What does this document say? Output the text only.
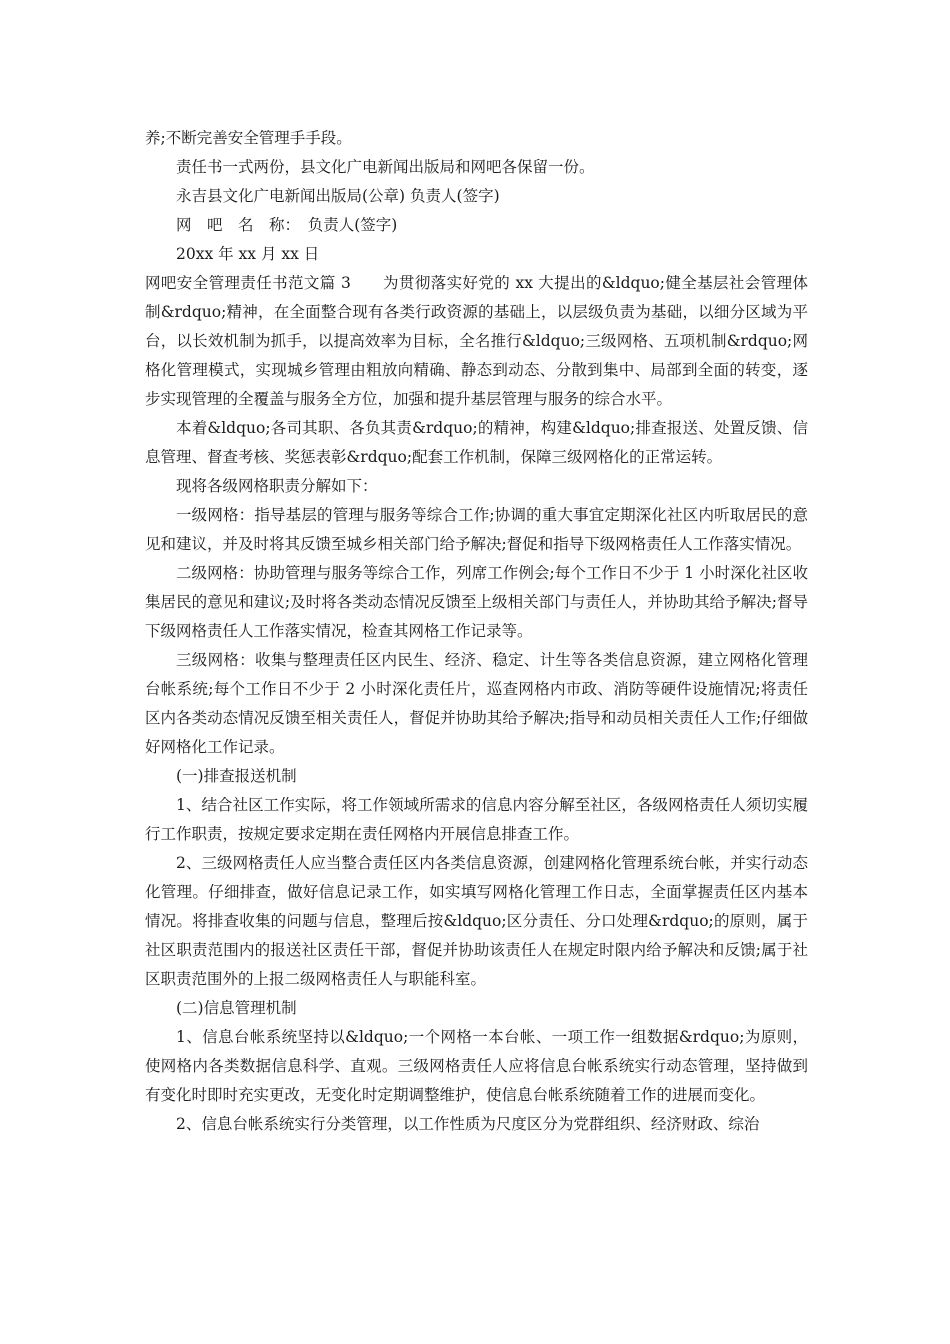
养;不断完善安全管理手手段。

责任书一式两份，县文化广电新闻出版局和网吧各保留一份。

永吉县文化广电新闻出版局(公章) 负责人(签字)

网　吧　名　称：　负责人(签字)

20xx 年 xx 月 xx 日

网吧安全管理责任书范文篇 3　　为贯彻落实好党的 xx 大提出的&ldquo;健全基层社会管理体制&rdquo;精神，在全面整合现有各类行政资源的基础上，以层级负责为基础，以细分区域为平台，以长效机制为抓手，以提高效率为目标，全名推行&ldquo;三级网格、五项机制&rdquo;网格化管理模式，实现城乡管理由粗放向精确、静态到动态、分散到集中、局部到全面的转变，逐步实现管理的全覆盖与服务全方位，加强和提升基层管理与服务的综合水平。

本着&ldquo;各司其职、各负其责&rdquo;的精神，构建&ldquo;排查报送、处置反馈、信息管理、督查考核、奖惩表彰&rdquo;配套工作机制，保障三级网格化的正常运转。

现将各级网格职责分解如下：

一级网格：指导基层的管理与服务等综合工作;协调的重大事宜定期深化社区内听取居民的意见和建议，并及时将其反馈至城乡相关部门给予解决;督促和指导下级网格责任人工作落实情况。

二级网格：协助管理与服务等综合工作，列席工作例会;每个工作日不少于 1 小时深化社区收集居民的意见和建议;及时将各类动态情况反馈至上级相关部门与责任人，并协助其给予解决;督导下级网格责任人工作落实情况，检查其网格工作记录等。

三级网格：收集与整理责任区内民生、经济、稳定、计生等各类信息资源，建立网格化管理台帐系统;每个工作日不少于 2 小时深化责任片，巡查网格内市政、消防等硬件设施情况;将责任区内各类动态情况反馈至相关责任人，督促并协助其给予解决;指导和动员相关责任人工作;仔细做好网格化工作记录。

(一)排查报送机制

1、结合社区工作实际，将工作领域所需求的信息内容分解至社区，各级网格责任人须切实履行工作职责，按规定要求定期在责任网格内开展信息排查工作。

2、三级网格责任人应当整合责任区内各类信息资源，创建网格化管理系统台帐，并实行动态化管理。仔细排查，做好信息记录工作，如实填写网格化管理工作日志，全面掌握责任区内基本情况。将排查收集的问题与信息，整理后按&ldquo;区分责任、分口处理&rdquo;的原则，属于社区职责范围内的报送社区责任干部，督促并协助该责任人在规定时限内给予解决和反馈;属于社区职责范围外的上报二级网格责任人与职能科室。

(二)信息管理机制

1、信息台帐系统坚持以&ldquo;一个网格一本台帐、一项工作一组数据&rdquo;为原则，使网格内各类数据信息科学、直观。三级网格责任人应将信息台帐系统实行动态管理，坚持做到有变化时即时充实更改，无变化时定期调整维护，使信息台帐系统随着工作的进展而变化。

2、信息台帐系统实行分类管理，以工作性质为尺度区分为党群组织、经济财政、综治
